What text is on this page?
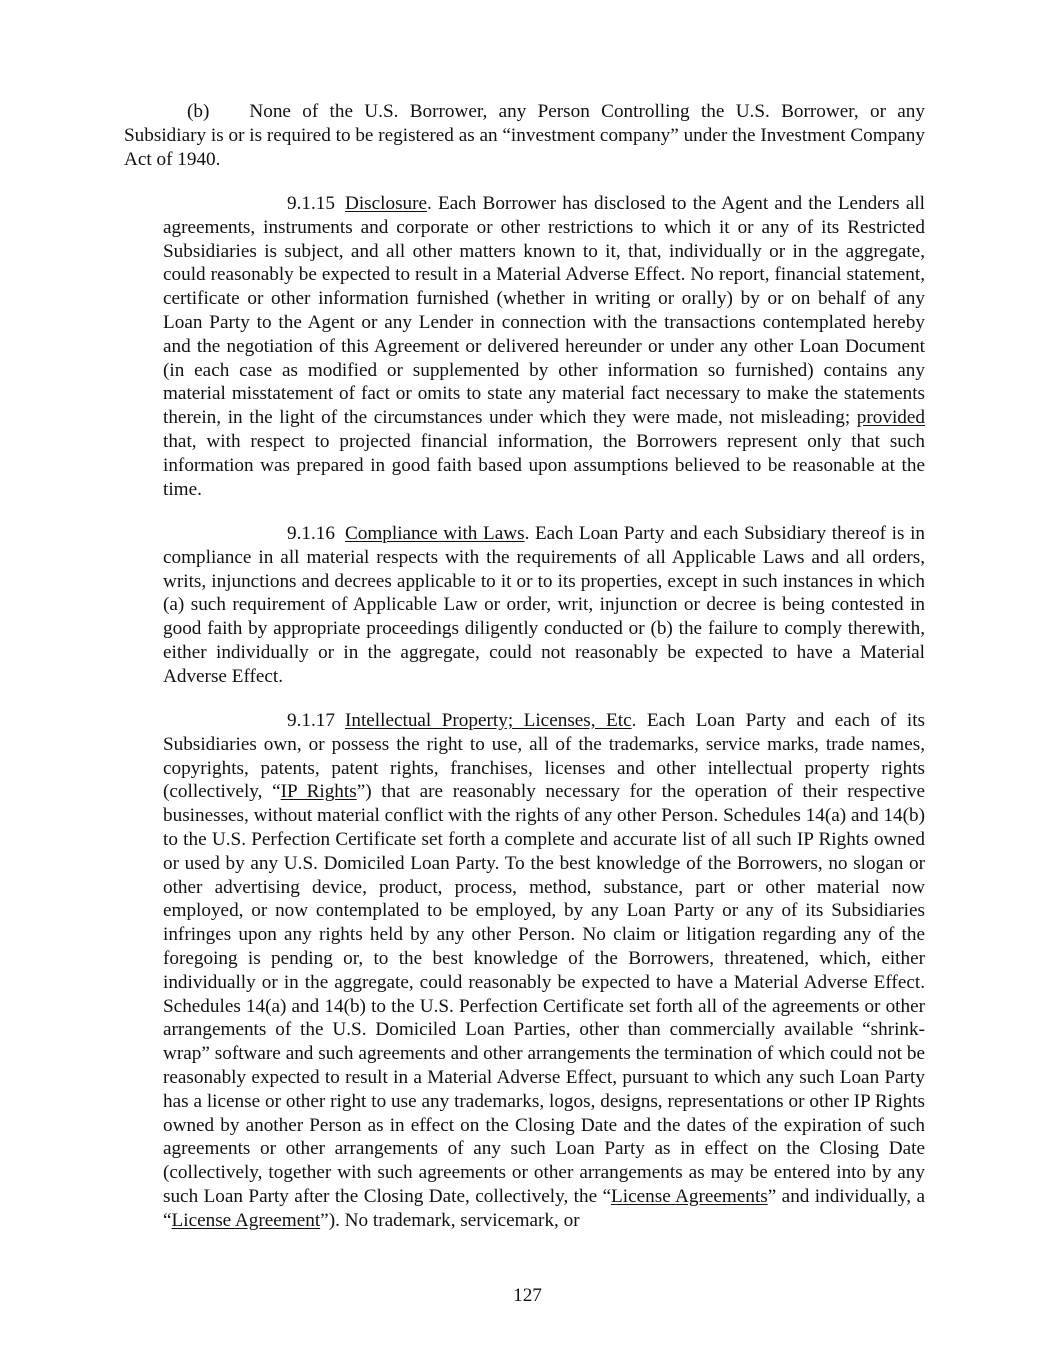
(b) None of the U.S. Borrower, any Person Controlling the U.S. Borrower, or any Subsidiary is or is required to be registered as an “investment company” under the Investment Company Act of 1940.

9.1.15 Disclosure. Each Borrower has disclosed to the Agent and the Lenders all agreements, instruments and corporate or other restrictions to which it or any of its Restricted Subsidiaries is subject, and all other matters known to it, that, individually or in the aggregate, could reasonably be expected to result in a Material Adverse Effect. No report, financial statement, certificate or other information furnished (whether in writing or orally) by or on behalf of any Loan Party to the Agent or any Lender in connection with the transactions contemplated hereby and the negotiation of this Agreement or delivered hereunder or under any other Loan Document (in each case as modified or supplemented by other information so furnished) contains any material misstatement of fact or omits to state any material fact necessary to make the statements therein, in the light of the circumstances under which they were made, not misleading; provided that, with respect to projected financial information, the Borrowers represent only that such information was prepared in good faith based upon assumptions believed to be reasonable at the time.

9.1.16 Compliance with Laws. Each Loan Party and each Subsidiary thereof is in compliance in all material respects with the requirements of all Applicable Laws and all orders, writs, injunctions and decrees applicable to it or to its properties, except in such instances in which (a) such requirement of Applicable Law or order, writ, injunction or decree is being contested in good faith by appropriate proceedings diligently conducted or (b) the failure to comply therewith, either individually or in the aggregate, could not reasonably be expected to have a Material Adverse Effect.

9.1.17 Intellectual Property; Licenses, Etc. Each Loan Party and each of its Subsidiaries own, or possess the right to use, all of the trademarks, service marks, trade names, copyrights, patents, patent rights, franchises, licenses and other intellectual property rights (collectively, “IP Rights”) that are reasonably necessary for the operation of their respective businesses, without material conflict with the rights of any other Person. Schedules 14(a) and 14(b) to the U.S. Perfection Certificate set forth a complete and accurate list of all such IP Rights owned or used by any U.S. Domiciled Loan Party. To the best knowledge of the Borrowers, no slogan or other advertising device, product, process, method, substance, part or other material now employed, or now contemplated to be employed, by any Loan Party or any of its Subsidiaries infringes upon any rights held by any other Person. No claim or litigation regarding any of the foregoing is pending or, to the best knowledge of the Borrowers, threatened, which, either individually or in the aggregate, could reasonably be expected to have a Material Adverse Effect. Schedules 14(a) and 14(b) to the U.S. Perfection Certificate set forth all of the agreements or other arrangements of the U.S. Domiciled Loan Parties, other than commercially available “shrink-wrap” software and such agreements and other arrangements the termination of which could not be reasonably expected to result in a Material Adverse Effect, pursuant to which any such Loan Party has a license or other right to use any trademarks, logos, designs, representations or other IP Rights owned by another Person as in effect on the Closing Date and the dates of the expiration of such agreements or other arrangements of any such Loan Party as in effect on the Closing Date (collectively, together with such agreements or other arrangements as may be entered into by any such Loan Party after the Closing Date, collectively, the “License Agreements” and individually, a “License Agreement”). No trademark, servicemark, or

127
